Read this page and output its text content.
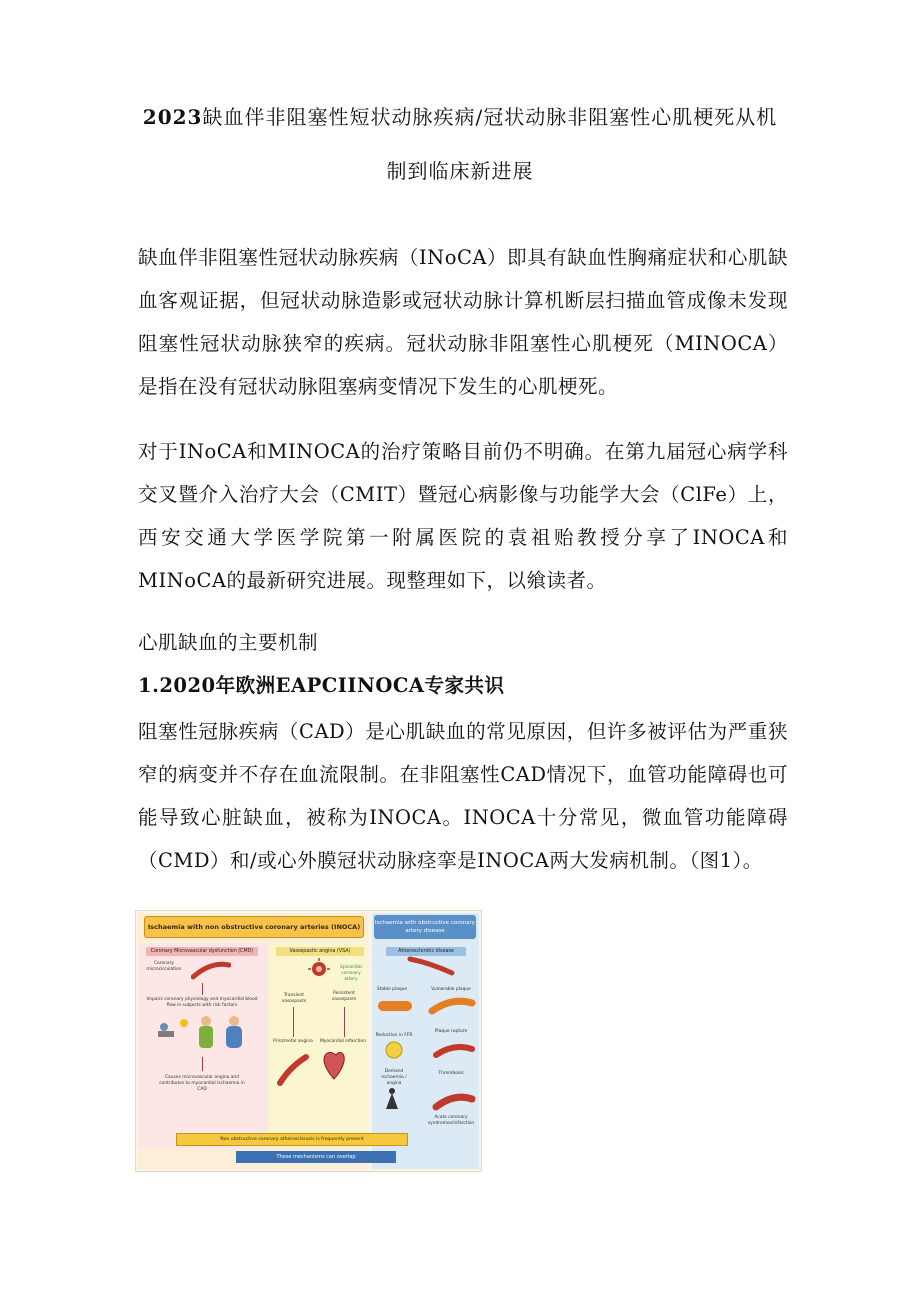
2023缺血伴非阻塞性短状动脉疾病/冠状动脉非阻塞性心肌梗死从机
制到临床新进展
缺血伴非阻塞性冠状动脉疾病（INoCA）即具有缺血性胸痛症状和心肌缺血客观证据，但冠状动脉造影或冠状动脉计算机断层扫描血管成像未发现阻塞性冠状动脉狭窄的疾病。冠状动脉非阻塞性心肌梗死（MINOCA）是指在没有冠状动脉阻塞病变情况下发生的心肌梗死。
对于INoCA和MINOCA的治疗策略目前仍不明确。在第九届冠心病学科交叉暨介入治疗大会（CMIT）暨冠心病影像与功能学大会（ClFe）上，西安交通大学医学院第一附属医院的袁祖贻教授分享了INOCA和MINoCA的最新研究进展。现整理如下，以飨读者。
心肌缺血的主要机制
1.2020年欧洲EAPCIINOCA专家共识
阻塞性冠脉疾病（CAD）是心肌缺血的常见原因，但许多被评估为严重狭窄的病变并不存在血流限制。在非阻塞性CAD情况下，血管功能障碍也可能导致心脏缺血，被称为INOCA。INOCA十分常见，微血管功能障碍（CMD）和/或心外膜冠状动脉痉挛是INOCA两大发病机制。（图1）。
Ischaemia with non obstructive coronary arteries (INOCA)	Ischaemia with obstructive coronary artery disease
Coronary Microvascular dysfunction (CMD)	Vasospastic angina (VSA)	Atherosclerotic disease
Coronary microcirculation
Impairs coronary physiology and myocardial blood flow in subjects with risk factors
Causes microvascular angina and contributes to myocardial ischaemia in CAD
Epicardial coronary artery
Transient vasospasm
Persistent vasospasm
Prinzmetal angina	Myocardial infarction
Stable plaque	Vulnerable plaque
Reduction in FFR
Plaque rupture
Demand ischaemia / angina
Thrombosis
Acute coronary syndromes/infarction
Non obstructive coronary atherosclerosis is frequently present
These mechanisms can overlap
